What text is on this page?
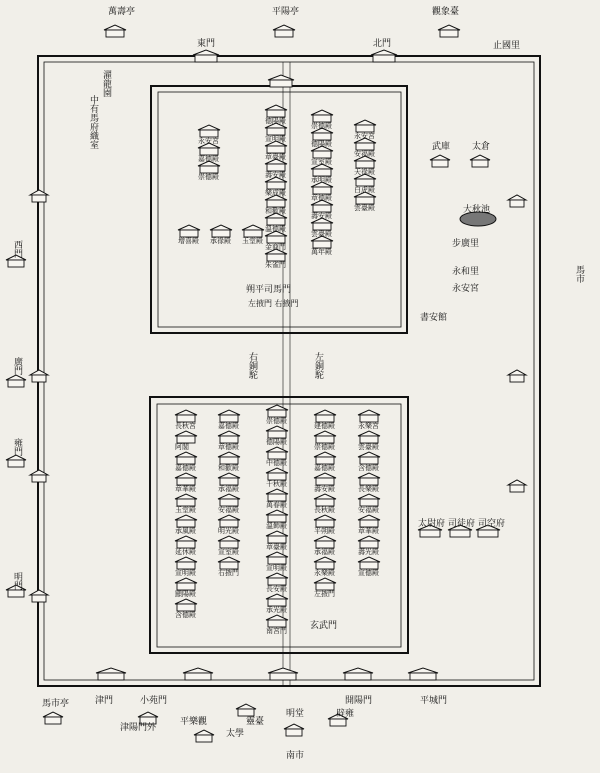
萬壽亭	平陽亭	觀象臺
東門	北門	止國里
濯龍園
中有馬府織室
馬市
武庫 太倉
大秋池
永安宮
永和里
步廣里
書安館
西門
廣門
雍門
明門
右銅駝	左銅駝
太尉府 司徒府 司空府
津門	小苑門	開陽門	平城門
靈臺
明堂	辟雍
太學
南市
馬市亭
平樂觀
津陽門外
朔平司馬門
左掖門 右掖門
玄武門
永安宮
嘉德殿
崇德殿
德陽殿
宣明殿
章臺殿
壽安殿
樂成殿
和歡殿
溫德殿
金商門
朱雀門
崇德殿
德陽殿
宣室殿
承明殿
章德殿
壽安殿
雲臺殿
萬年殿
永安宮
安福殿
天祿殿
白虎殿
雲臺殿
增喜殿 承祿殿 玉堂殿
長秋宮
阿閣
嘉德殿
章華殿
玉堂殿
承風殿
延休殿
宣明殿
顯陽殿
含德殿
嘉德殿
章德殿
和歡殿
承福殿
安福殿
明光殿
宣室殿
右掖門
崇德殿
德陽殿
中德殿
千秋殿
萬春殿
溫飾殿
章臺殿
宣明殿
長安殿
承光殿
南宮門
建德殿
崇德殿
嘉德殿
壽安殿
長秋殿
平朔殿
承福殿
永樂殿
左掖門
永樂宮
雲臺殿
含德殿
長樂殿
安福殿
章華殿
壽光殿
宣德殿
